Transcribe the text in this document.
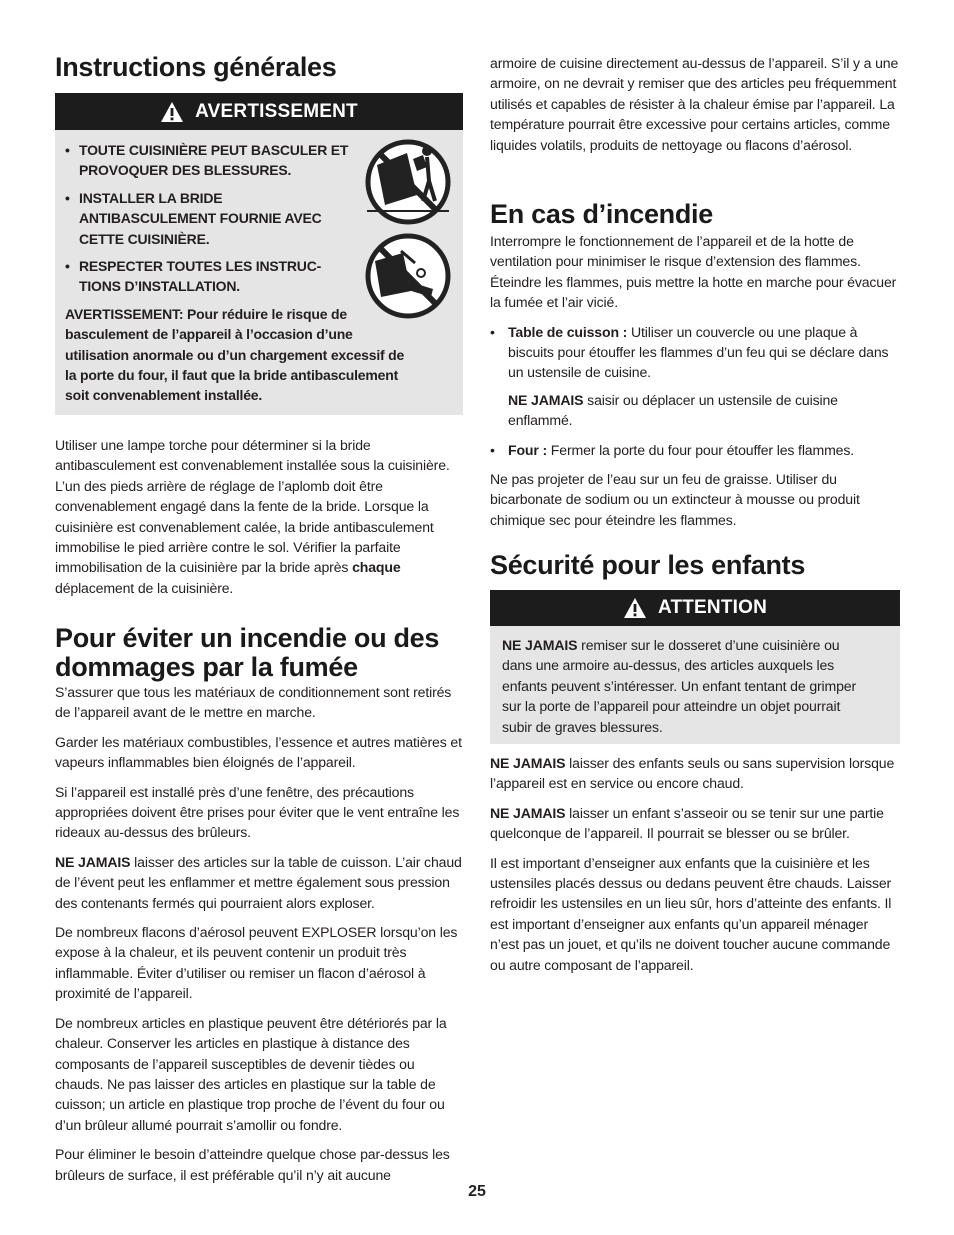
Instructions générales
AVERTISSEMENT
• TOUTE CUISINIÈRE PEUT BASCULER ET PROVOQUER DES BLESSURES.
• INSTALLER LA BRIDE ANTIBASCULEMENT FOURNIE AVEC CETTE CUISINIÈRE.
• RESPECTER TOUTES LES INSTRUC-TIONS D’INSTALLATION.
AVERTISSEMENT: Pour réduire le risque de basculement de l’appareil à l’occasion d’une utilisation anormale ou d’un chargement excessif de la porte du four, il faut que la bride antibasculement soit convenablement installée.

Utiliser une lampe torche pour déterminer si la bride antibasculement est convenablement installée sous la cuisinière. L’un des pieds arrière de réglage de l’aplomb doit être convenablement engagé dans la fente de la bride. Lorsque la cuisinière est convenablement calée, la bride antibasculement immobilise le pied arrière contre le sol. Vérifier la parfaite immobilisation de la cuisinière par la bride après chaque déplacement de la cuisinière.

Pour éviter un incendie ou des dommages par la fumée

S’assurer que tous les matériaux de conditionnement sont retirés de l’appareil avant de le mettre en marche.

Garder les matériaux combustibles, l’essence et autres matières et vapeurs inflammables bien éloignés de l’appareil.

Si l’appareil est installé près d’une fenêtre, des précautions appropriées doivent être prises pour éviter que le vent entraîne les rideaux au-dessus des brûleurs.

NE JAMAIS laisser des articles sur la table de cuisson. L’air chaud de l’évent peut les enflammer et mettre également sous pression des contenants fermés qui pourraient alors exploser.

De nombreux flacons d’aérosol peuvent EXPLOSER lorsqu’on les expose à la chaleur, et ils peuvent contenir un produit très inflammable. Éviter d’utiliser ou remiser un flacon d’aérosol à proximité de l’appareil.

De nombreux articles en plastique peuvent être détériorés par la chaleur. Conserver les articles en plastique à distance des composants de l’appareil susceptibles de devenir tièdes ou chauds. Ne pas laisser des articles en plastique sur la table de cuisson; un article en plastique trop proche de l’évent du four ou d’un brûleur allumé pourrait s’amollir ou fondre.

Pour éliminer le besoin d’atteindre quelque chose par-dessus les brûleurs de surface, il est préférable qu’il n’y ait aucune

armoire de cuisine directement au-dessus de l’appareil. S’il y a une armoire, on ne devrait y remiser que des articles peu fréquemment utilisés et capables de résister à la chaleur émise par l’appareil. La température pourrait être excessive pour certains articles, comme liquides volatils, produits de nettoyage ou flacons d’aérosol.

En cas d’incendie

Interrompre le fonctionnement de l’appareil et de la hotte de ventilation pour minimiser le risque d’extension des flammes. Éteindre les flammes, puis mettre la hotte en marche pour évacuer la fumée et l’air vicié.

• Table de cuisson : Utiliser un couvercle ou une plaque à biscuits pour étouffer les flammes d’un feu qui se déclare dans un ustensile de cuisine.
NE JAMAIS saisir ou déplacer un ustensile de cuisine enflammé.
• Four : Fermer la porte du four pour étouffer les flammes.

Ne pas projeter de l’eau sur un feu de graisse. Utiliser du bicarbonate de sodium ou un extincteur à mousse ou produit chimique sec pour éteindre les flammes.

Sécurité pour les enfants
ATTENTION

NE JAMAIS remiser sur le dosseret d’une cuisinière ou dans une armoire au-dessus, des articles auxquels les enfants peuvent s’intéresser. Un enfant tentant de grimper sur la porte de l’appareil pour atteindre un objet pourrait subir de graves blessures.

NE JAMAIS laisser des enfants seuls ou sans supervision lorsque l’appareil est en service ou encore chaud.

NE JAMAIS laisser un enfant s’asseoir ou se tenir sur une partie quelconque de l’appareil. Il pourrait se blesser ou se brûler.

Il est important d’enseigner aux enfants que la cuisinière et les ustensiles placés dessus ou dedans peuvent être chauds. Laisser refroidir les ustensiles en un lieu sûr, hors d’atteinte des enfants. Il est important d’enseigner aux enfants qu’un appareil ménager n’est pas un jouet, et qu’ils ne doivent toucher aucune commande ou autre composant de l’appareil.

25
